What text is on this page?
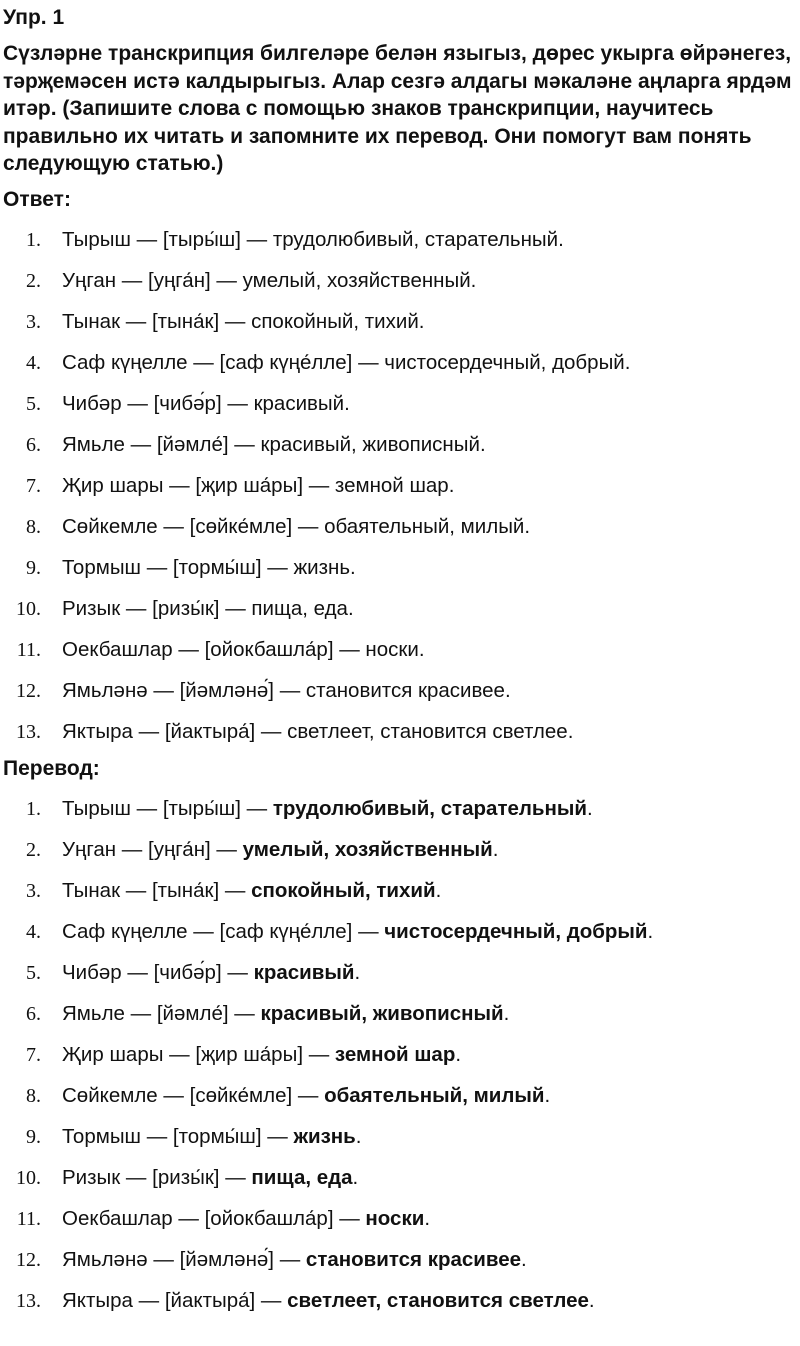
Упр. 1
Сүзләрне транскрипция билгеләре белән языгыз, дөрес укырга өйрәнегез, тәрҗемәсен истә калдырыгыз. Алар сезгә алдагы мәкаләне аңларга ярдәм итәр. (Запишите слова с помощью знаков транскрипции, научитесь правильно их читать и запомните их перевод. Они помогут вам понять следующую статью.)
Ответ:
1.	Тырыш — [тыры́ш] — трудолюбивый, старательный.
2.	Уңган — [уңга́н] — умелый, хозяйственный.
3.	Тынак — [тына́к] — спокойный, тихий.
4.	Саф күңелле — [саф күңе́лле] — чистосердечный, добрый.
5.	Чибәр — [чибә́р] — красивый.
6.	Ямьле — [йәмле́] — красивый, живописный.
7.	Җир шары — [җир ша́ры] — земной шар.
8.	Сөйкемле — [сөйке́мле] — обаятельный, милый.
9.	Тормыш — [тормы́ш] — жизнь.
10.	Ризык — [ризы́к] — пища, еда.
11.	Оекбашлар — [ойокбашла́р] — носки.
12.	Ямьләнә — [йәмләнә́] — становится красивее.
13.	Яктыра — [йактыра́] — светлеет, становится светлее.
Перевод:
1.	Тырыш — [тыры́ш] — трудолюбивый, старательный.
2.	Уңган — [уңга́н] — умелый, хозяйственный.
3.	Тынак — [тына́к] — спокойный, тихий.
4.	Саф күңелле — [саф күңе́лле] — чистосердечный, добрый.
5.	Чибәр — [чибә́р] — красивый.
6.	Ямьле — [йәмле́] — красивый, живописный.
7.	Җир шары — [җир ша́ры] — земной шар.
8.	Сөйкемле — [сөйке́мле] — обаятельный, милый.
9.	Тормыш — [тормы́ш] — жизнь.
10.	Ризык — [ризы́к] — пища, еда.
11.	Оекбашлар — [ойокбашла́р] — носки.
12.	Ямьләнә — [йәмләнә́] — становится красивее.
13.	Яктыра — [йактыра́] — светлеет, становится светлее.
